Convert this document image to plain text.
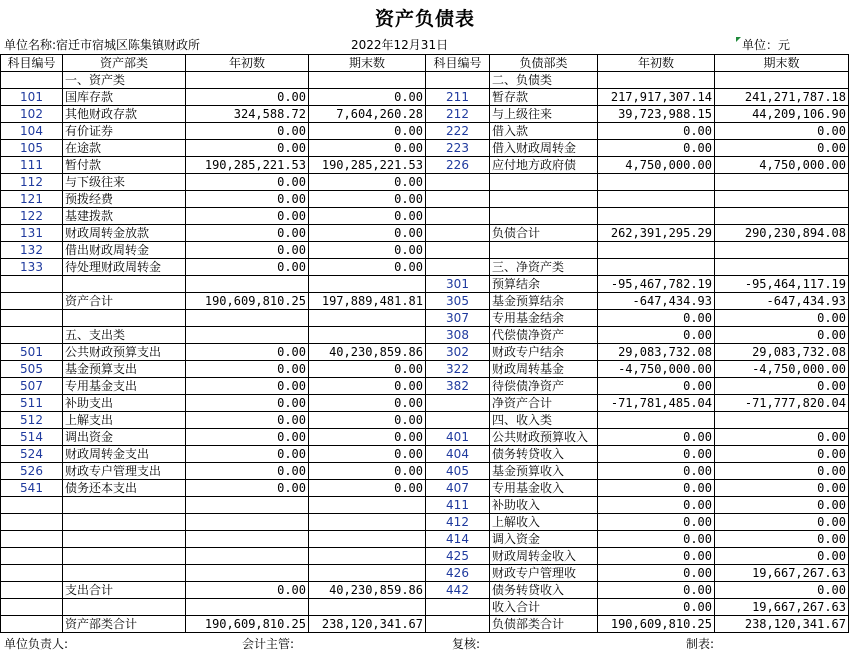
资产负债表
单位名称:宿迁市宿城区陈集镇财政所	2022年12月31日	单位：元
科目编号	资产部类	年初数	期末数	科目编号	负债部类	年初数	期末数
	一、资产类				二、负债类		
101	国库存款	0.00	0.00	211	暂存款	217,917,307.14	241,271,787.18
102	其他财政存款	324,588.72	7,604,260.28	212	与上级往来	39,723,988.15	44,209,106.90
104	有价证券	0.00	0.00	222	借入款	0.00	0.00
105	在途款	0.00	0.00	223	借入财政周转金	0.00	0.00
111	暂付款	190,285,221.53	190,285,221.53	226	应付地方政府债	4,750,000.00	4,750,000.00
112	与下级往来	0.00	0.00				
121	预拨经费	0.00	0.00				
122	基建拨款	0.00	0.00				
131	财政周转金放款	0.00	0.00		负债合计	262,391,295.29	290,230,894.08
132	借出财政周转金	0.00	0.00				
133	待处理财政周转金	0.00	0.00		三、净资产类		
				301	预算结余	-95,467,782.19	-95,464,117.19
	资产合计	190,609,810.25	197,889,481.81	305	基金预算结余	-647,434.93	-647,434.93
				307	专用基金结余	0.00	0.00
	五、支出类			308	代偿债净资产	0.00	0.00
501	公共财政预算支出	0.00	40,230,859.86	302	财政专户结余	29,083,732.08	29,083,732.08
505	基金预算支出	0.00	0.00	322	财政周转基金	-4,750,000.00	-4,750,000.00
507	专用基金支出	0.00	0.00	382	待偿债净资产	0.00	0.00
511	补助支出	0.00	0.00		净资产合计	-71,781,485.04	-71,777,820.04
512	上解支出	0.00	0.00		四、收入类		
514	调出资金	0.00	0.00	401	公共财政预算收入	0.00	0.00
524	财政周转金支出	0.00	0.00	404	债务转贷收入	0.00	0.00
526	财政专户管理支出	0.00	0.00	405	基金预算收入	0.00	0.00
541	债务还本支出	0.00	0.00	407	专用基金收入	0.00	0.00
				411	补助收入	0.00	0.00
				412	上解收入	0.00	0.00
				414	调入资金	0.00	0.00
				425	财政周转金收入	0.00	0.00
				426	财政专户管理收	0.00	19,667,267.63
	支出合计	0.00	40,230,859.86	442	债务转贷收入	0.00	0.00
					收入合计	0.00	19,667,267.63
	资产部类合计	190,609,810.25	238,120,341.67		负债部类合计	190,609,810.25	238,120,341.67
单位负责人:	会计主管:	复核:	制表:
